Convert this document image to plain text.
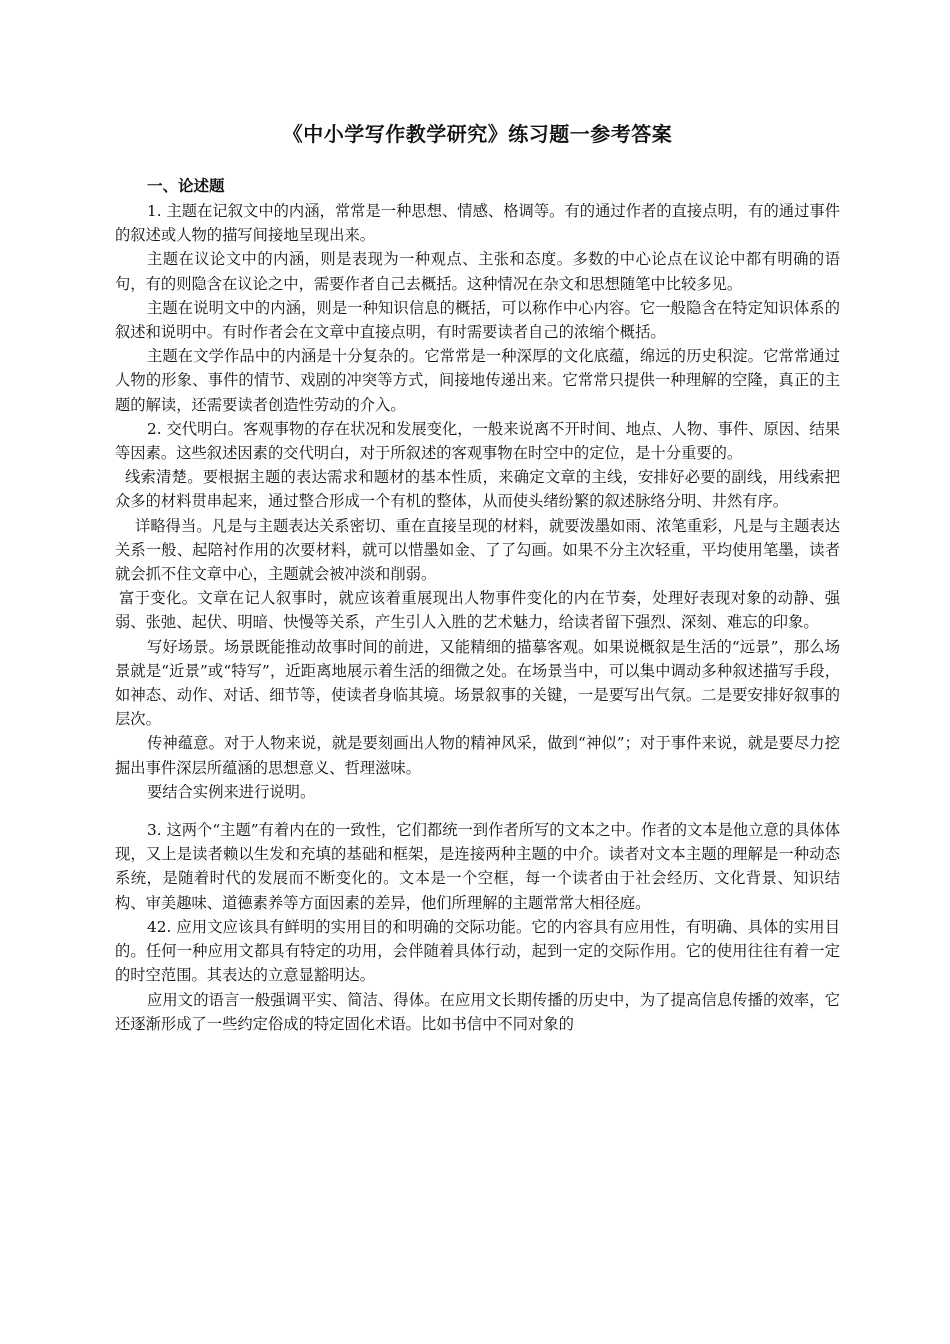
《中小学写作教学研究》练习题一参考答案
一、论述题

1. 主题在记叙文中的内涵，常常是一种思想、情感、格调等。有的通过作者的直接点明，有的通过事件的叙述或人物的描写间接地呈现出来。

主题在议论文中的内涵，则是表现为一种观点、主张和态度。多数的中心论点在议论中都有明确的语句，有的则隐含在议论之中，需要作者自己去概括。这种情况在杂文和思想随笔中比较多见。

主题在说明文中的内涵，则是一种知识信息的概括，可以称作中心内容。它一般隐含在特定知识体系的叙述和说明中。有时作者会在文章中直接点明，有时需要读者自己的浓缩个概括。

主题在文学作品中的内涵是十分复杂的。它常常是一种深厚的文化底蕴，绵远的历史积淀。它常常通过人物的形象、事件的情节、戏剧的冲突等方式，间接地传递出来。它常常只提供一种理解的空隆，真正的主题的解读，还需要读者创造性劳动的介入。

2. 交代明白。客观事物的存在状况和发展变化，一般来说离不开时间、地点、人物、事件、原因、结果等因素。这些叙述因素的交代明白，对于所叙述的客观事物在时空中的定位，是十分重要的。

线索清楚。要根据主题的表达需求和题材的基本性质，来确定文章的主线，安排好必要的副线，用线索把众多的材料贯串起来，通过整合形成一个有机的整体，从而使头绪纷繁的叙述脉络分明、井然有序。

详略得当。凡是与主题表达关系密切、重在直接呈现的材料，就要泼墨如雨、浓笔重彩，凡是与主题表达关系一般、起陪衬作用的次要材料，就可以惜墨如金、了了勾画。如果不分主次轻重，平均使用笔墨，读者就会抓不住文章中心，主题就会被冲淡和削弱。

富于变化。文章在记人叙事时，就应该着重展现出人物事件变化的内在节奏，处理好表现对象的动静、强弱、张弛、起伏、明暗、快慢等关系，产生引人入胜的艺术魅力，给读者留下强烈、深刻、难忘的印象。

写好场景。场景既能推动故事时间的前进，又能精细的描摹客观。如果说概叙是生活的“远景”，那么场景就是“近景”或“特写”，近距离地展示着生活的细微之处。在场景当中，可以集中调动多种叙述描写手段，如神态、动作、对话、细节等，使读者身临其境。场景叙事的关键，一是要写出气氛。二是要安排好叙事的层次。

传神蕴意。对于人物来说，就是要刻画出人物的精神风采，做到“神似”；对于事件来说，就是要尽力挖掘出事件深层所蕴涵的思想意义、哲理滋味。

要结合实例来进行说明。

3. 这两个“主题”有着内在的一致性，它们都统一到作者所写的文本之中。作者的文本是他立意的具体体现，又上是读者赖以生发和充填的基础和框架，是连接两种主题的中介。读者对文本主题的理解是一种动态系统，是随着时代的发展而不断变化的。文本是一个空框，每一个读者由于社会经历、文化背景、知识结构、审美趣味、道德素养等方面因素的差异，他们所理解的主题常常大相径庭。

42. 应用文应该具有鲜明的实用目的和明确的交际功能。它的内容具有应用性，有明确、具体的实用目的。任何一种应用文都具有特定的功用，会伴随着具体行动，起到一定的交际作用。它的使用往往有着一定的时空范围。其表达的立意显豁明达。

应用文的语言一般强调平实、简洁、得体。在应用文长期传播的历史中，为了提高信息传播的效率，它还逐渐形成了一些约定俗成的特定固化术语。比如书信中不同对象的
